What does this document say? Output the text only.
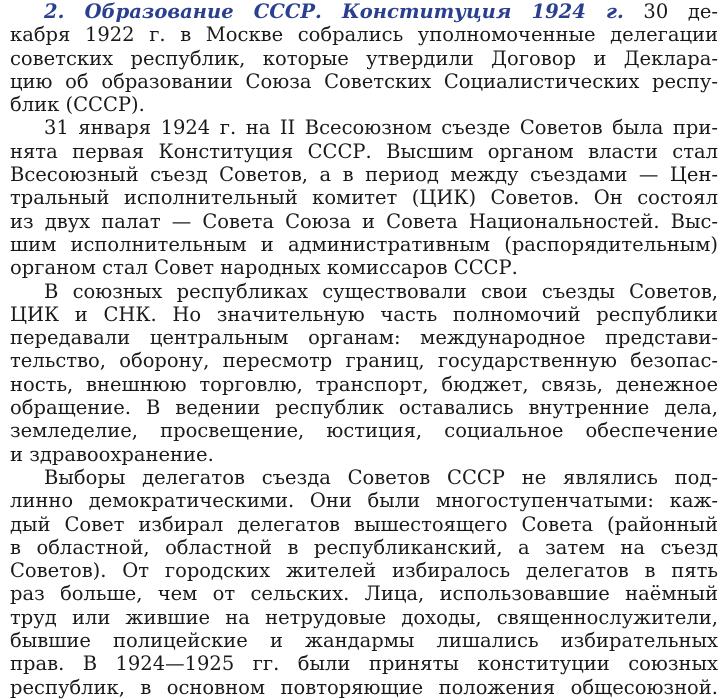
2. Образование СССР. Конституция 1924 г. 30 де-
кабря 1922 г. в Москве собрались уполномоченные делегации
советских республик, которые утвердили Договор и Деклара-
цию об образовании Союза Советских Социалистических респу-
блик (СССР).
31 января 1924 г. на II Всесоюзном съезде Советов была при-
нята первая Конституция СССР. Высшим органом власти стал
Всесоюзный съезд Советов, а в период между съездами — Цен-
тральный исполнительный комитет (ЦИК) Советов. Он состоял
из двух палат — Совета Союза и Совета Национальностей. Выс-
шим исполнительным и административным (распорядительным)
органом стал Совет народных комиссаров СССР.
В союзных республиках существовали свои съезды Советов,
ЦИК и СНК. Но значительную часть полномочий республики
передавали центральным органам: международное представи-
тельство, оборону, пересмотр границ, государственную безопас-
ность, внешнюю торговлю, транспорт, бюджет, связь, денежное
обращение. В ведении республик оставались внутренние дела,
земледелие, просвещение, юстиция, социальное обеспечение
и здравоохранение.
Выборы делегатов съезда Советов СССР не являлись под-
линно демократическими. Они были многоступенчатыми: каж-
дый Совет избирал делегатов вышестоящего Совета (районный
в областной, областной в республиканский, а затем на съезд
Советов). От городских жителей избиралось делегатов в пять
раз больше, чем от сельских. Лица, использовавшие наёмный
труд или жившие на нетрудовые доходы, священнослужители,
бывшие полицейские и жандармы лишались избирательных
прав. В 1924—1925 гг. были приняты конституции союзных
республик, в основном повторяющие положения общесоюзной.
